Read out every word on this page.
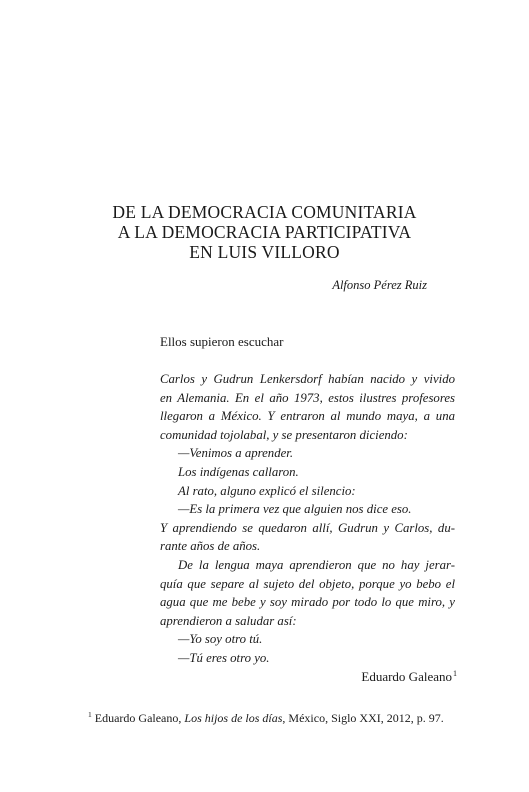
DE LA DEMOCRACIA COMUNITARIA
A LA DEMOCRACIA PARTICIPATIVA
EN LUIS VILLORO
Alfonso Pérez Ruiz
Ellos supieron escuchar
Carlos y Gudrun Lenkersdorf habían nacido y vivido
en Alemania. En el año 1973, estos ilustres profesores
llegaron a México. Y entraron al mundo maya, a una
comunidad tojolabal, y se presentaron diciendo:
—Venimos a aprender.
Los indígenas callaron.
Al rato, alguno explicó el silencio:
—Es la primera vez que alguien nos dice eso.
Y aprendiendo se quedaron allí, Gudrun y Carlos, du-
rante años de años.
De la lengua maya aprendieron que no hay jerar-
quía que separe al sujeto del objeto, porque yo bebo el
agua que me bebe y soy mirado por todo lo que miro, y
aprendieron a saludar así:
—Yo soy otro tú.
—Tú eres otro yo.
Eduardo Galeano$^1$
$^1$ Eduardo Galeano, Los hijos de los días, México, Siglo XXI, 2012, p. 97.
